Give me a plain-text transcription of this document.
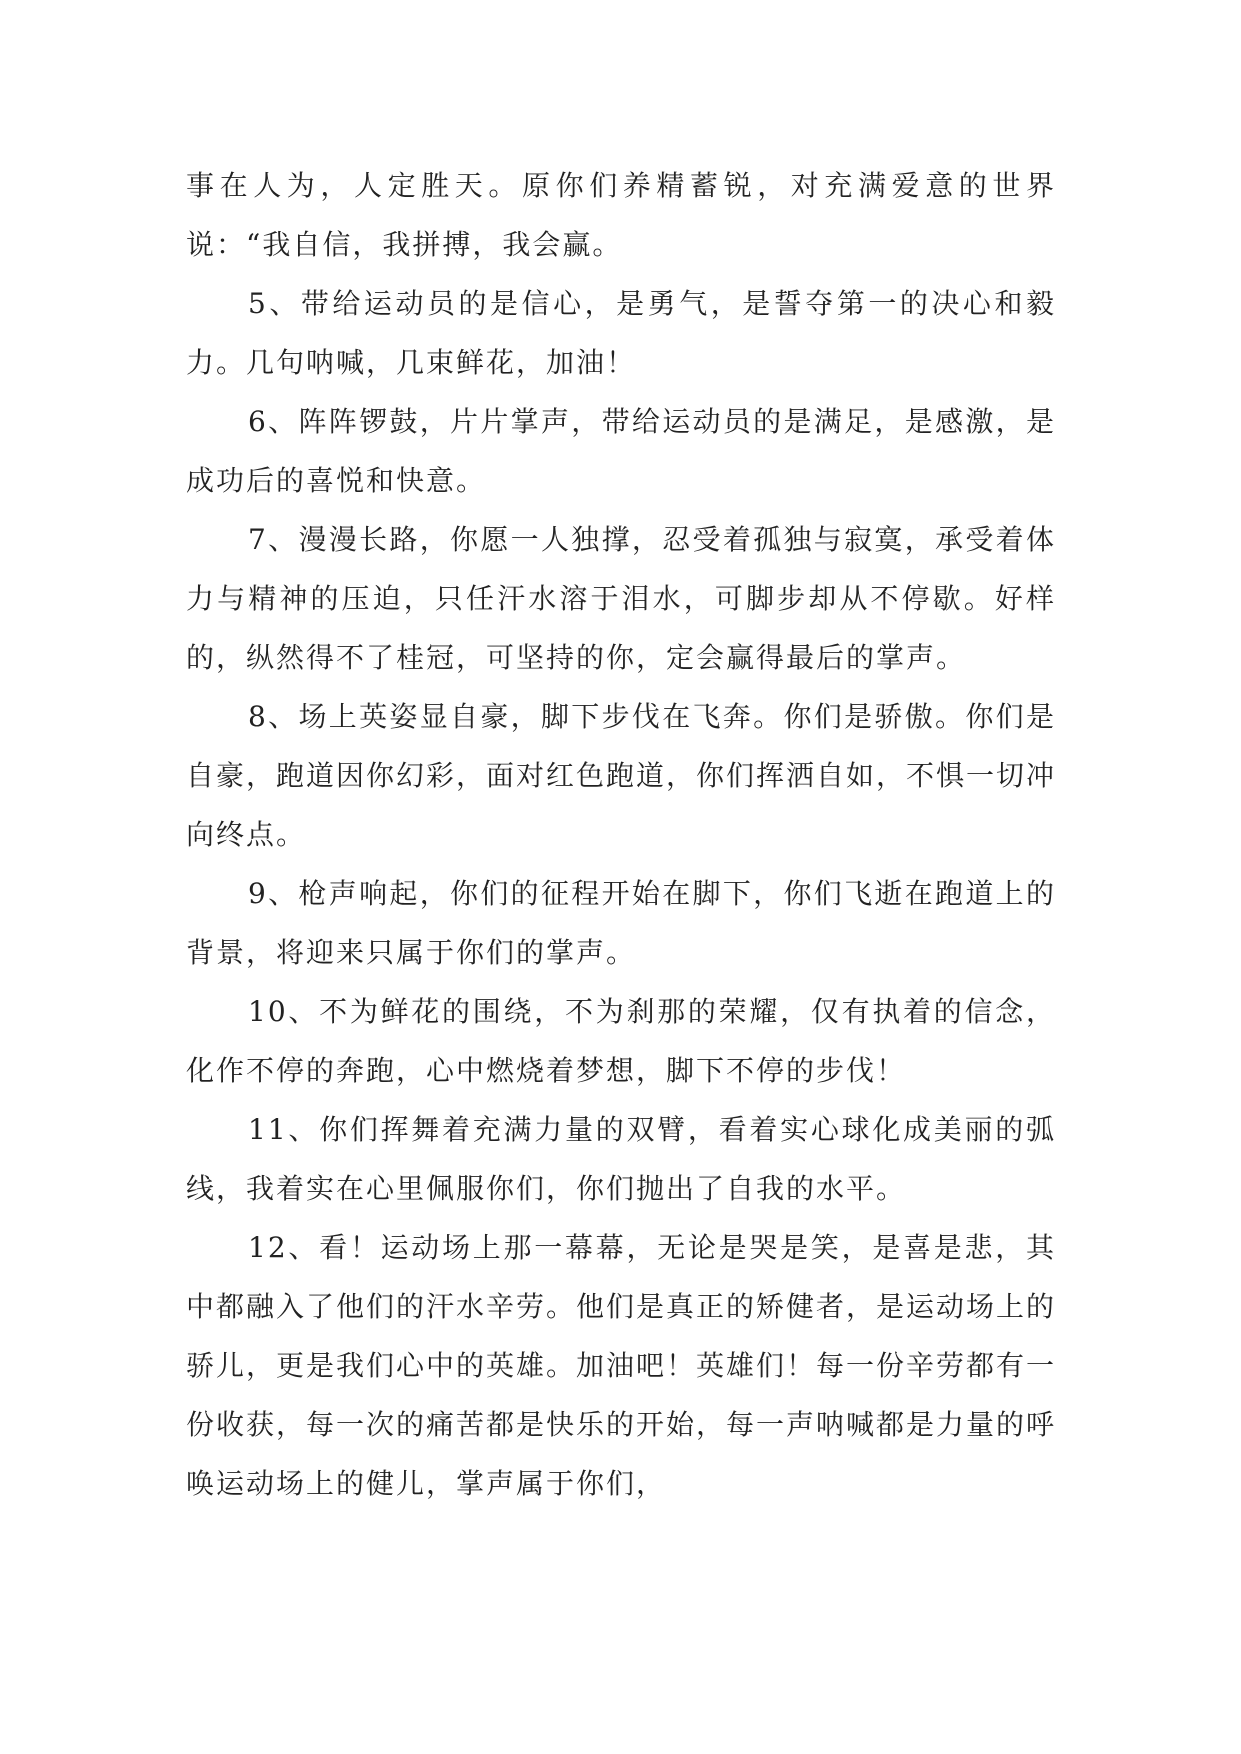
事在人为，人定胜天。原你们养精蓄锐，对充满爱意的世界说：“我自信，我拼搏，我会赢。

5、带给运动员的是信心，是勇气，是誓夺第一的决心和毅力。几句呐喊，几束鲜花，加油！

6、阵阵锣鼓，片片掌声，带给运动员的是满足，是感激，是成功后的喜悦和快意。

7、漫漫长路，你愿一人独撑，忍受着孤独与寂寞，承受着体力与精神的压迫，只任汗水溶于泪水，可脚步却从不停歇。好样的，纵然得不了桂冠，可坚持的你，定会赢得最后的掌声。

8、场上英姿显自豪，脚下步伐在飞奔。你们是骄傲。你们是自豪，跑道因你幻彩，面对红色跑道，你们挥洒自如，不惧一切冲向终点。

9、枪声响起，你们的征程开始在脚下，你们飞逝在跑道上的背景，将迎来只属于你们的掌声。

10、不为鲜花的围绕，不为刹那的荣耀，仅有执着的信念，化作不停的奔跑，心中燃烧着梦想，脚下不停的步伐！

11、你们挥舞着充满力量的双臂，看着实心球化成美丽的弧线，我着实在心里佩服你们，你们抛出了自我的水平。

12、看！运动场上那一幕幕，无论是哭是笑，是喜是悲，其中都融入了他们的汗水辛劳。他们是真正的矫健者，是运动场上的骄儿，更是我们心中的英雄。加油吧！英雄们！每一份辛劳都有一份收获，每一次的痛苦都是快乐的开始，每一声呐喊都是力量的呼唤运动场上的健儿，掌声属于你们，
